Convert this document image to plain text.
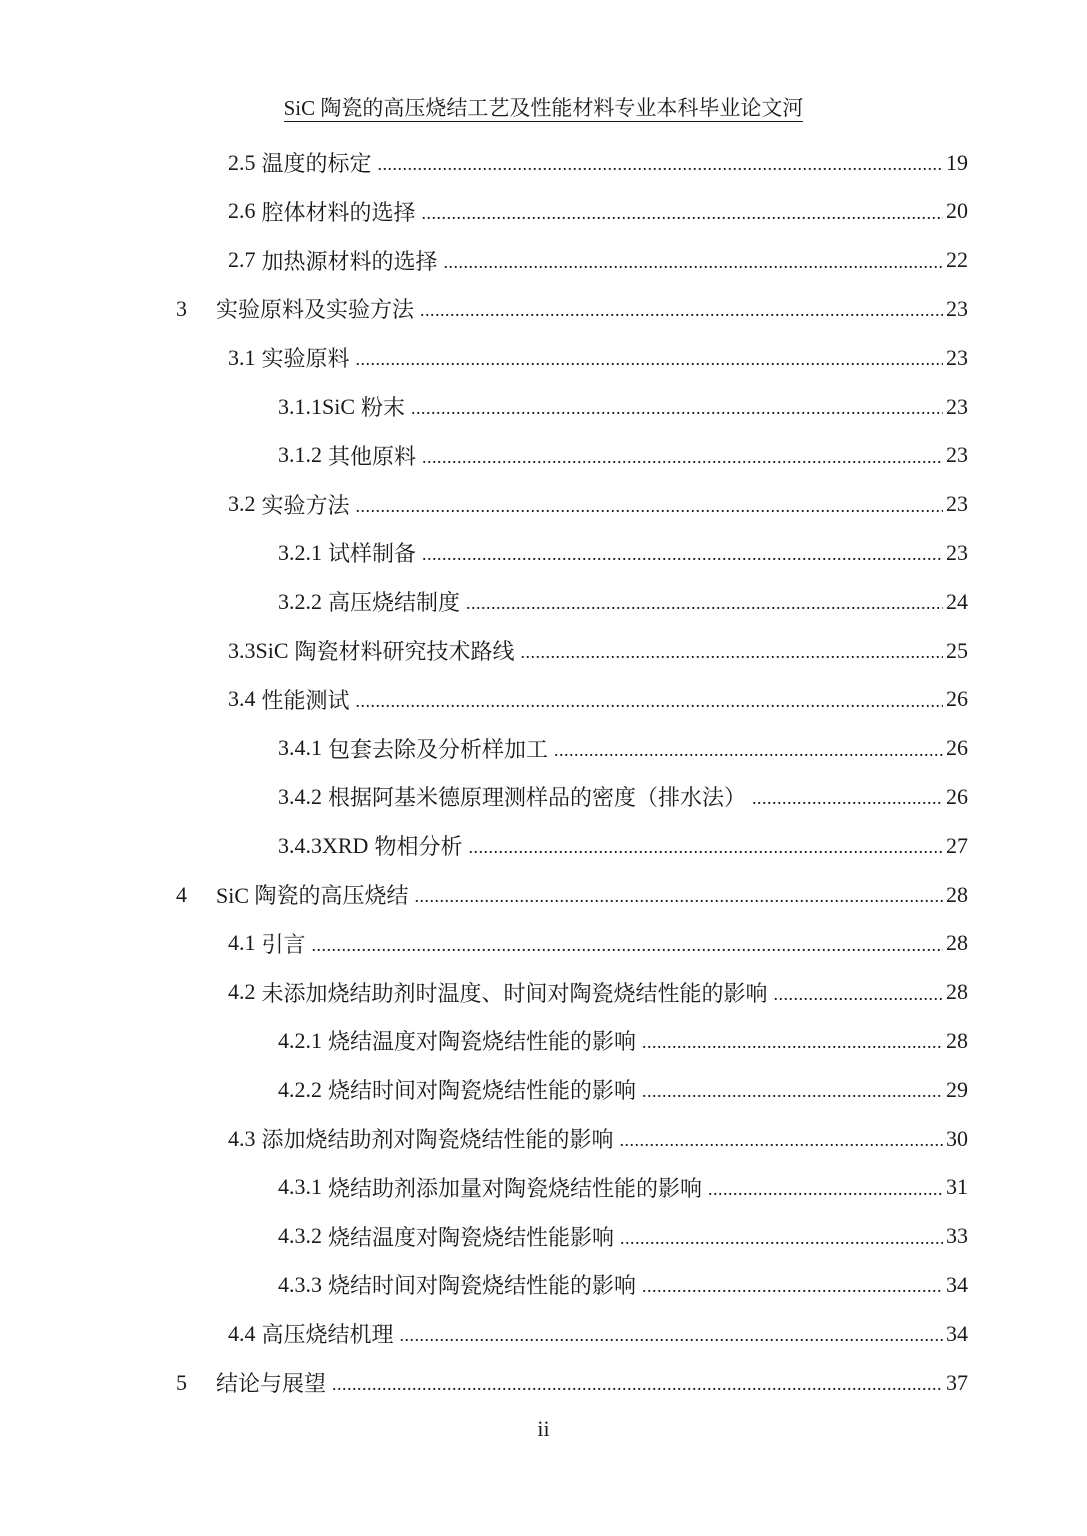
SiC 陶瓷的高压烧结工艺及性能材料专业本科毕业论文河
2.5 温度的标定 .....	19
2.6 腔体材料的选择 .....	20
2.7 加热源材料的选择 .....	22
3	实验原料及实验方法 .....	23
3.1 实验原料 .....	23
3.1.1SiC 粉末 .....	23
3.1.2 其他原料 .....	23
3.2 实验方法 .....	23
3.2.1 试样制备 .....	23
3.2.2 高压烧结制度 .....	24
3.3SiC 陶瓷材料研究技术路线 .....	25
3.4 性能测试 .....	26
3.4.1 包套去除及分析样加工 .....	26
3.4.2 根据阿基米德原理测样品的密度（排水法） .....	26
3.4.3XRD 物相分析 .....	27
4	SiC 陶瓷的高压烧结 .....	28
4.1 引言 .....	28
4.2 未添加烧结助剂时温度、时间对陶瓷烧结性能的影响 .....	28
4.2.1 烧结温度对陶瓷烧结性能的影响 .....	28
4.2.2 烧结时间对陶瓷烧结性能的影响 .....	29
4.3 添加烧结助剂对陶瓷烧结性能的影响 .....	30
4.3.1 烧结助剂添加量对陶瓷烧结性能的影响 .....	31
4.3.2 烧结温度对陶瓷烧结性能影响 .....	33
4.3.3 烧结时间对陶瓷烧结性能的影响 .....	34
4.4 高压烧结机理 .....	34
5	结论与展望 .....	37
ii
